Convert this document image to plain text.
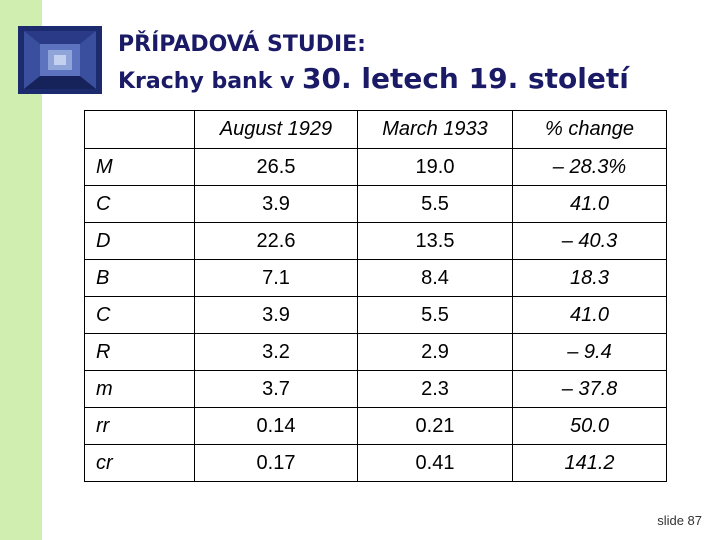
PŘÍPADOVÁ STUDIE:
Krachy bank v 30. letech 19. století
	August 1929	March 1933	% change
M	26.5	19.0	– 28.3%
C	3.9	5.5	41.0
D	22.6	13.5	– 40.3
B	7.1	8.4	18.3
C	3.9	5.5	41.0
R	3.2	2.9	– 9.4
m	3.7	2.3	– 37.8
rr	0.14	0.21	50.0
cr	0.17	0.41	141.2
slide 87
